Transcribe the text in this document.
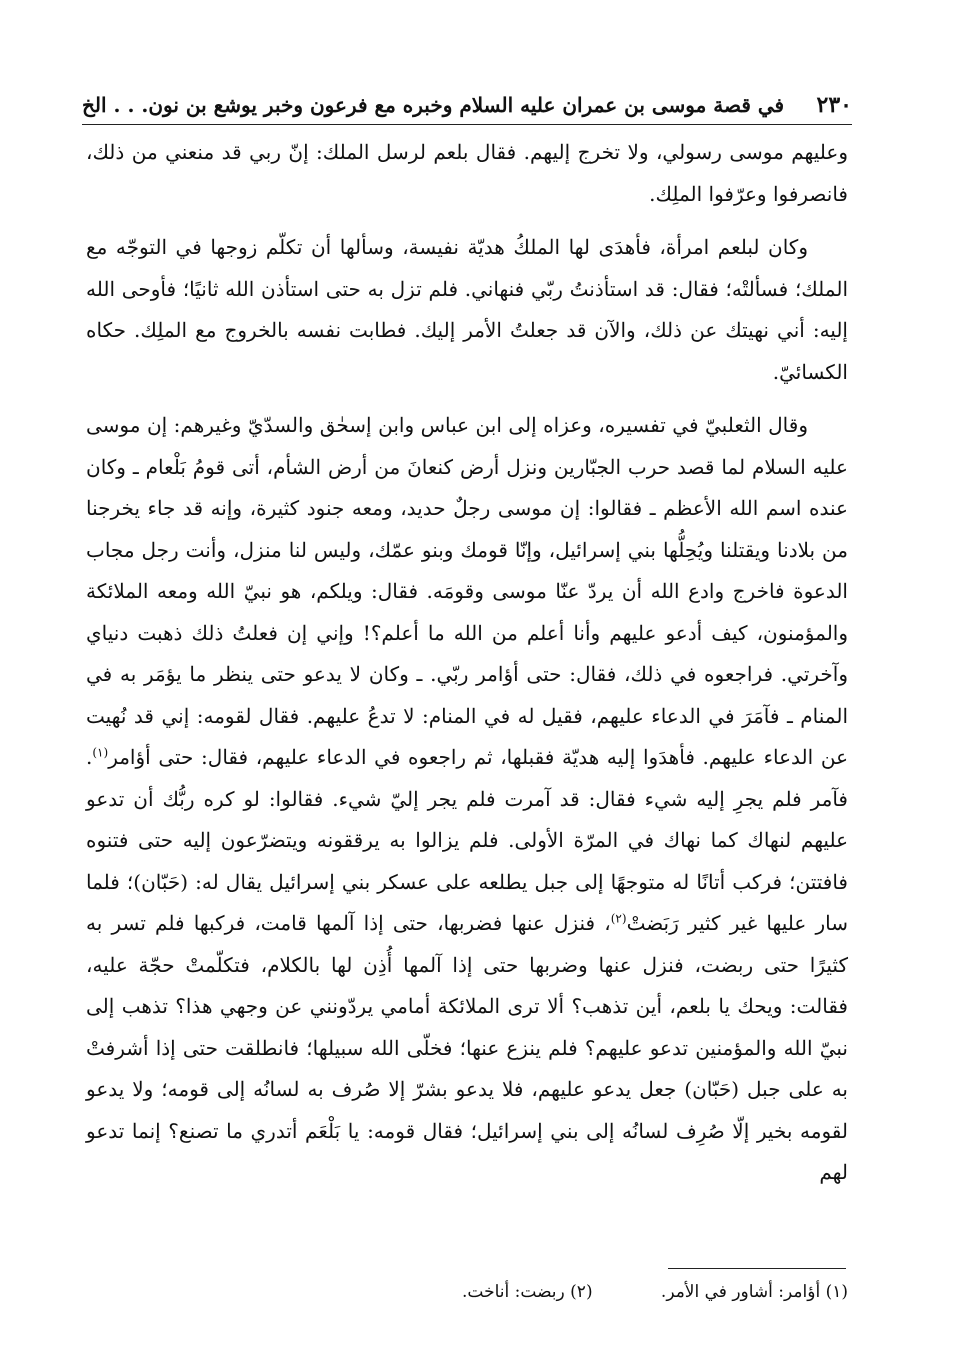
٢٣٠
في قصة موسى بن عمران عليه السلام وخبره مع فرعون وخبر يوشع بن نون. . . الخ

وعليهم موسى رسولي، ولا تخرج إليهم. فقال بلعم لرسل الملك: إنّ ربي قد منعني من ذلك، فانصرفوا وعرّفوا الملِك.

وكان لبلعم امرأة، فأهدَى لها الملكُ هديّة نفيسة، وسألها أن تكلّم زوجها في التوجّه مع الملك؛ فسألتْه؛ فقال: قد استأذنتُ ربّي فنهاني. فلم تزل به حتى استأذن الله ثانيًا؛ فأوحى الله إليه: أني نهيتك عن ذلك، والآن قد جعلتُ الأمر إليك. فطابت نفسه بالخروج مع الملِك. حكاه الكسائيّ.

وقال الثعلبيّ في تفسيره، وعزاه إلى ابن عباس وابن إسحٰق والسدّيّ وغيرهم: إن موسى عليه السلام لما قصد حرب الجبّارين ونزل أرض كنعانَ من أرض الشأم، أتى قومُ بَلْعام ـ وكان عنده اسم الله الأعظم ـ فقالوا: إن موسى رجلٌ حديد، ومعه جنود كثيرة، وإنه قد جاء يخرجنا من بلادنا ويقتلنا ويُحِلُّها بني إسرائيل، وإنّا قومك وبنو عمّك، وليس لنا منزل، وأنت رجل مجاب الدعوة فاخرج وادع الله أن يردّ عنّا موسى وقومَه. فقال: ويلكم، هو نبيّ الله ومعه الملائكة والمؤمنون، كيف أدعو عليهم وأنا أعلم من الله ما أعلم؟! وإني إن فعلتُ ذلك ذهبت دنياي وآخرتي. فراجعوه في ذلك، فقال: حتى أؤامر ربّي. ـ وكان لا يدعو حتى ينظر ما يؤمَر به في المنام ـ فآمَرَ في الدعاء عليهم، فقيل له في المنام: لا تدعُ عليهم. فقال لقومه: إني قد نُهيت عن الدعاء عليهم. فأهدَوا إليه هديّة فقبلها، ثم راجعوه في الدعاء عليهم، فقال: حتى أؤامر$^{(١)}$. فآمر فلم يجرِ إليه شيء فقال: قد آمرت فلم يجر إليّ شيء. فقالوا: لو كره ربُّك أن تدعو عليهم لنهاك كما نهاك في المرّة الأولى. فلم يزالوا به يرققونه ويتضرّعون إليه حتى فتنوه فافتتن؛ فركب أتانًا له متوجهًا إلى جبل يطلعه على عسكر بني إسرائيل يقال له: (حَبّان)؛ فلما سار عليها غير كثير رَبَضتْ$^{(٢)}$، فنزل عنها فضربها، حتى إذا آلمها قامت، فركبها فلم تسر به كثيرًا حتى ربضت، فنزل عنها وضربها حتى إذا آلمها أُذِن لها بالكلام، فتكلّمتْ حجّة عليه، فقالت: ويحك يا بلعم، أين تذهب؟ ألا ترى الملائكة أمامي يردّونني عن وجهي هذا؟ تذهب إلى نبيّ الله والمؤمنين تدعو عليهم؟ فلم ينزع عنها؛ فخلّى الله سبيلها؛ فانطلقت حتى إذا أشرفتْ به على جبل (حَبّان) جعل يدعو عليهم، فلا يدعو بشرّ إلا صُرف به لسانُه إلى قومه؛ ولا يدعو لقومه بخير إلّا صُرِف لسانُه إلى بني إسرائيل؛ فقال قومه: يا بَلْعَم أتدري ما تصنع؟ إنما تدعو لهم

(١) أؤامر: أشاور في الأمر.
(٢) ربضت: أناخت.
